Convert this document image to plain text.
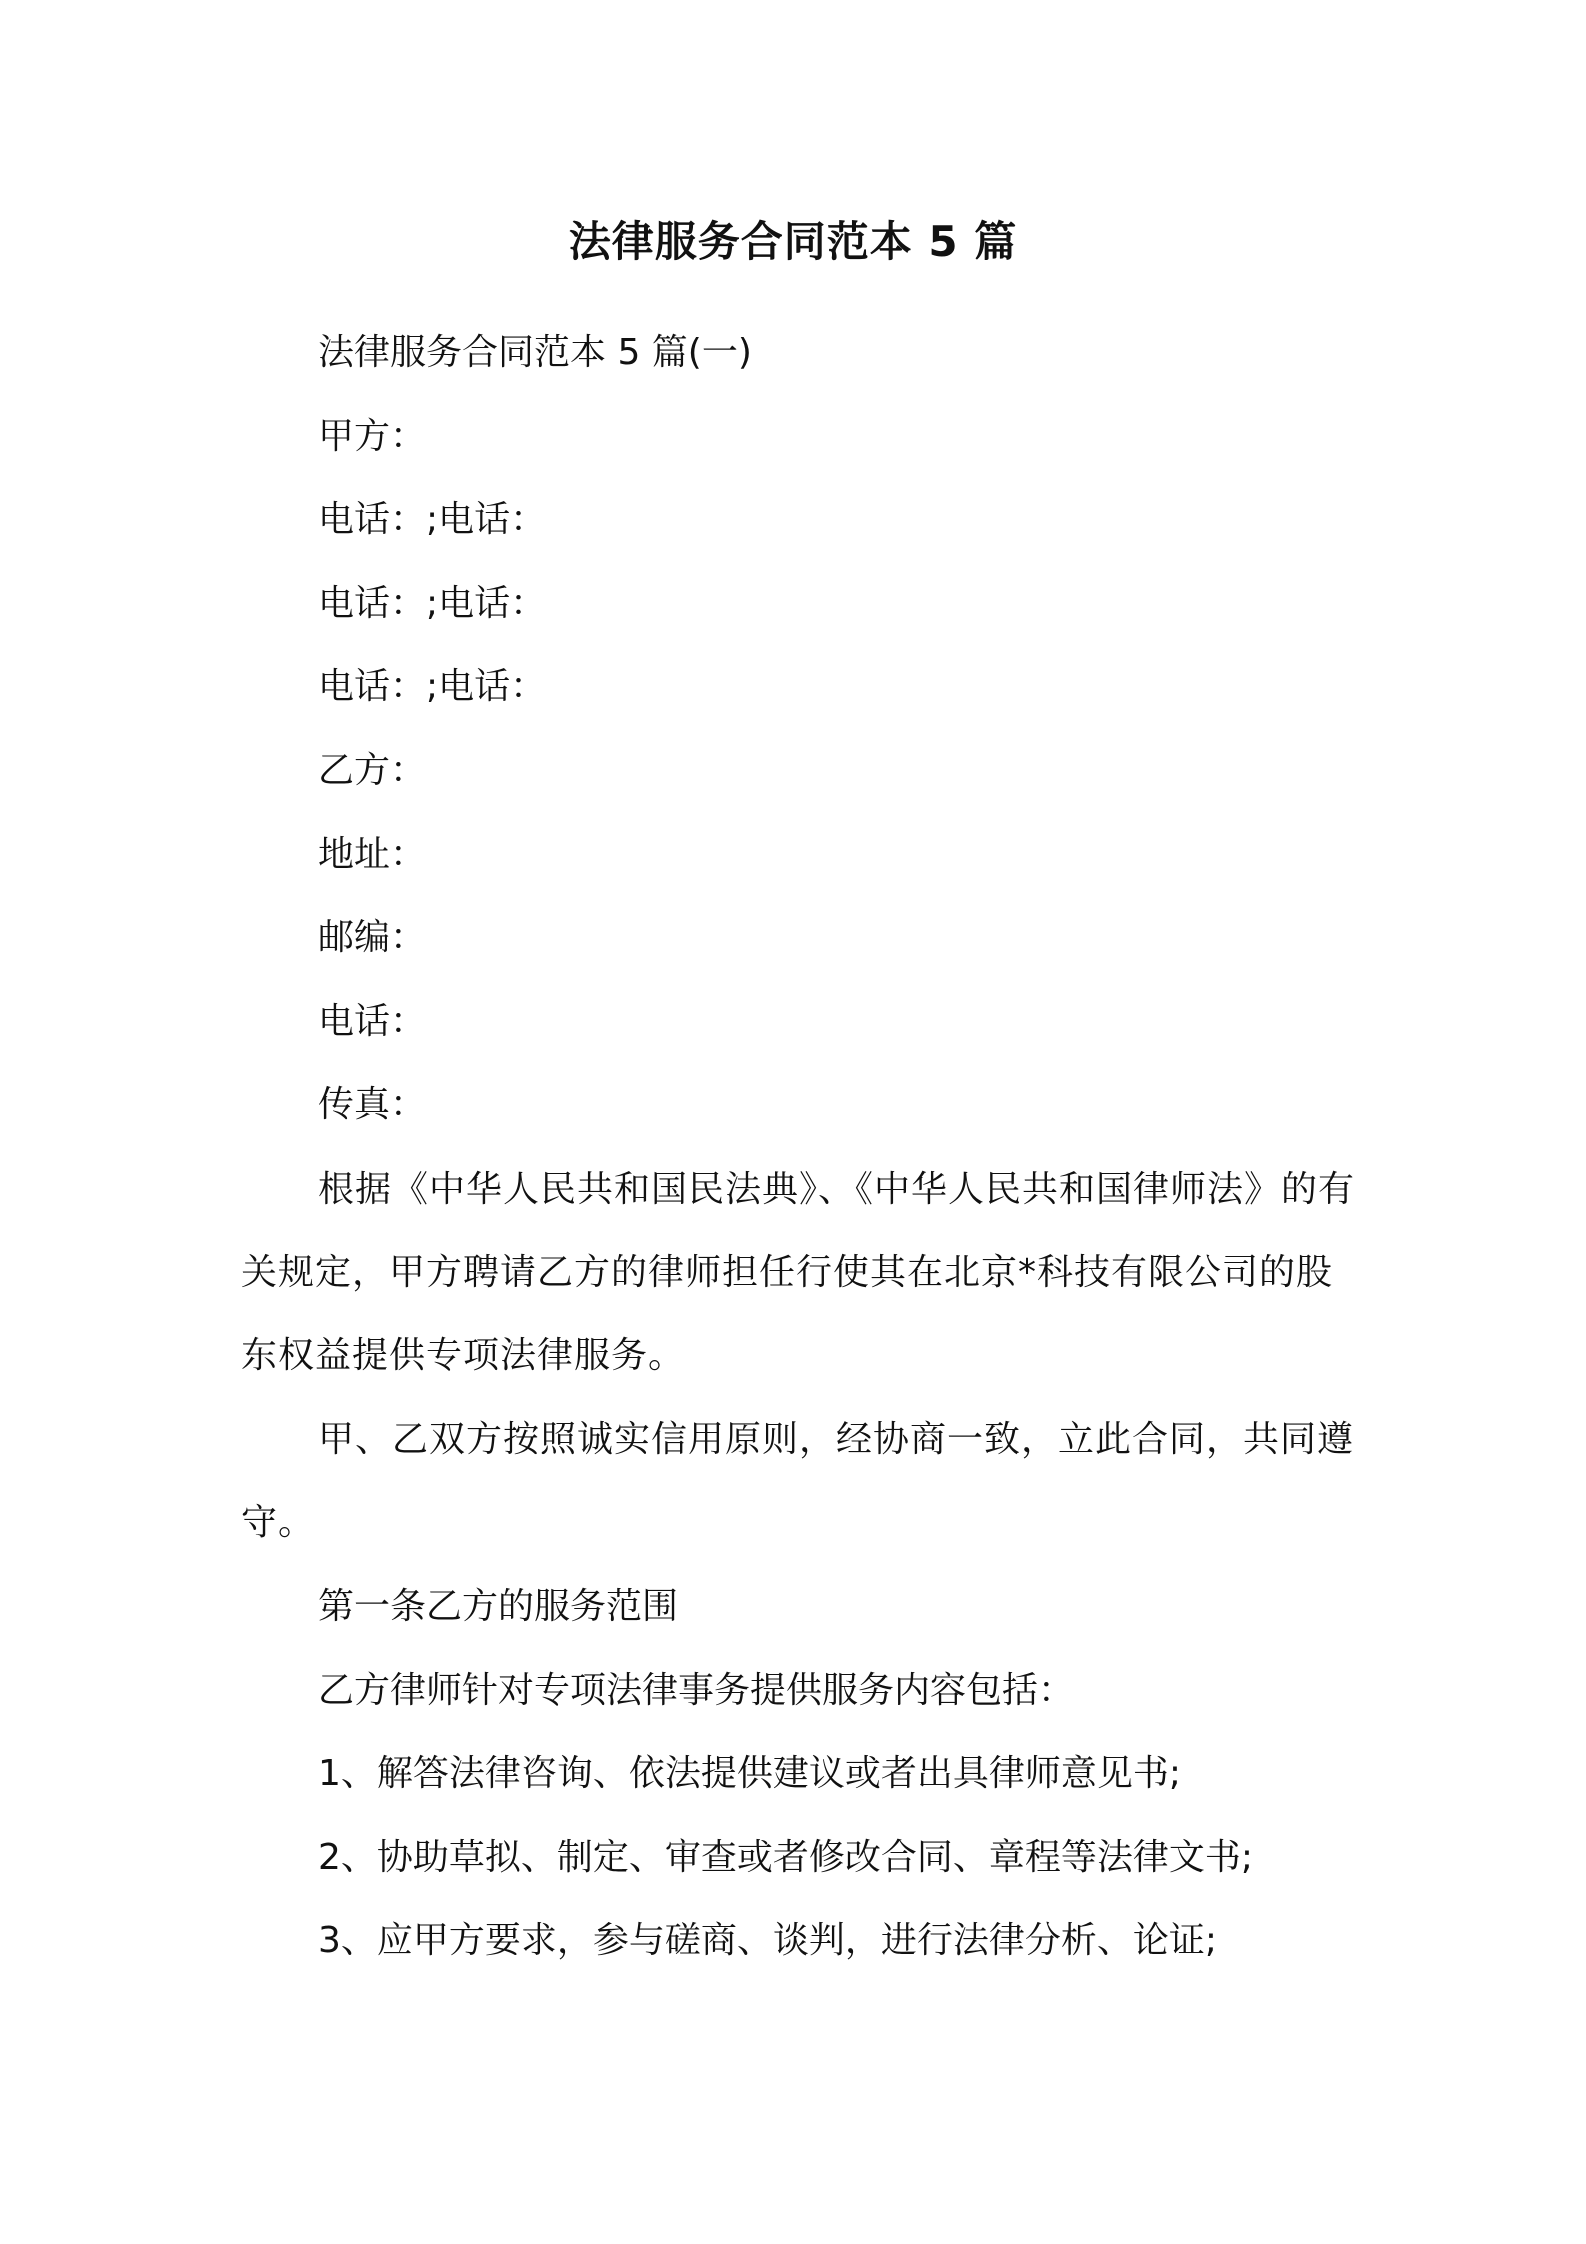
法律服务合同范本 5 篇
法律服务合同范本 5 篇(一)
甲方：
电话：;电话：
电话：;电话：
电话：;电话：
乙方：
地址：
邮编：
电话：
传真：

根据《中华人民共和国民法典》、《中华人民共和国律师法》的有关规定，甲方聘请乙方的律师担任行使其在北京*科技有限公司的股东权益提供专项法律服务。

甲、乙双方按照诚实信用原则，经协商一致，立此合同，共同遵守。

第一条乙方的服务范围
乙方律师针对专项法律事务提供服务内容包括：
1、解答法律咨询、依法提供建议或者出具律师意见书;
2、协助草拟、制定、审查或者修改合同、章程等法律文书;
3、应甲方要求，参与磋商、谈判，进行法律分析、论证;
